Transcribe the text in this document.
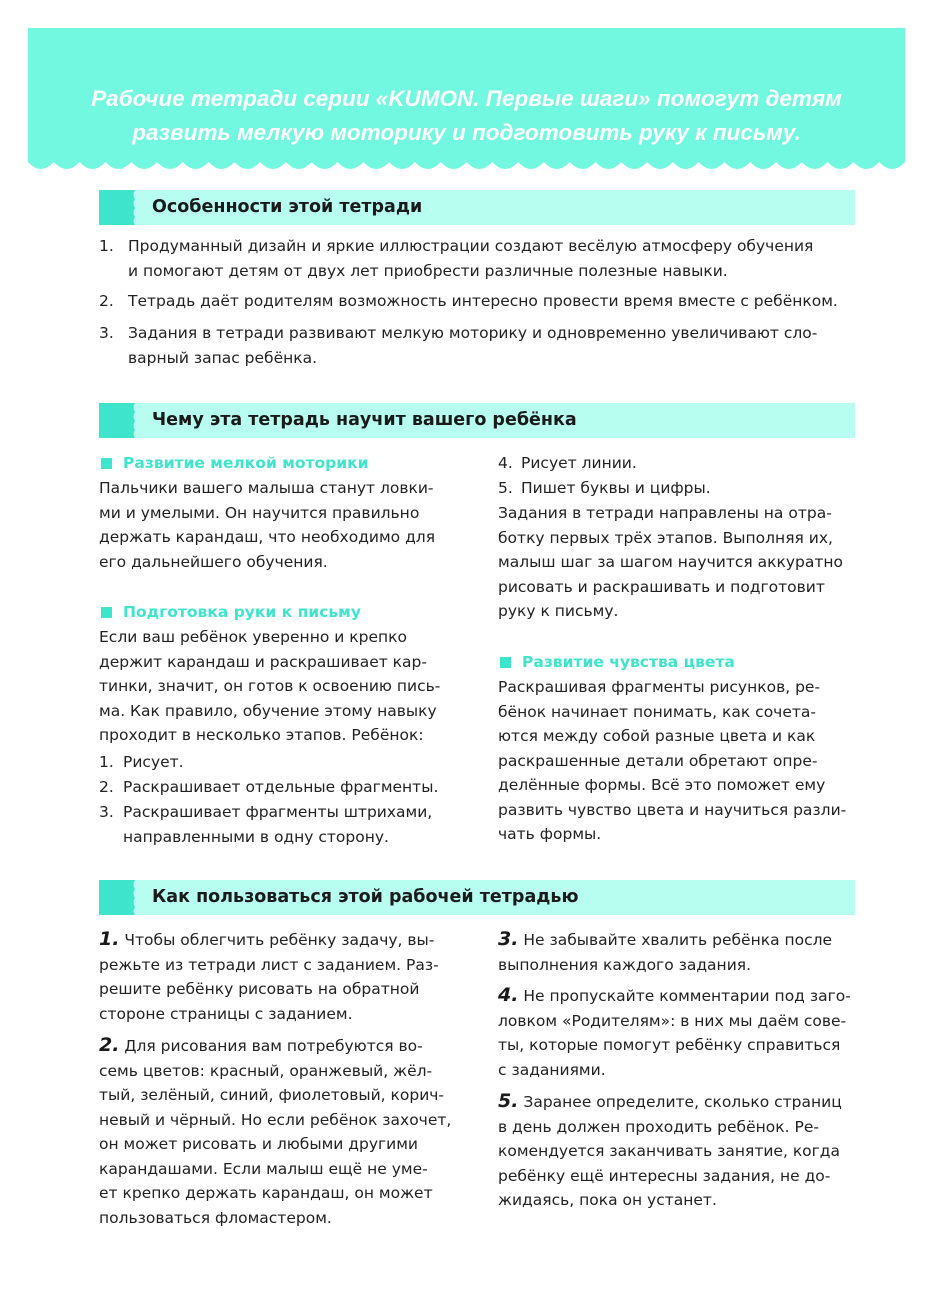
Рабочие тетради серии «KUMON. Первые шаги» помогут детям
развить мелкую моторику и подготовить руку к письму.
Особенности этой тетради
1. Продуманный дизайн и яркие иллюстрации создают весёлую атмосферу обучения
и помогают детям от двух лет приобрести различные полезные навыки.
2. Тетрадь даёт родителям возможность интересно провести время вместе с ребёнком.
3. Задания в тетради развивают мелкую моторику и одновременно увеличивают сло-
варный запас ребёнка.
Чему эта тетрадь научит вашего ребёнка
Развитие мелкой моторики
Пальчики вашего малыша станут ловки-
ми и умелыми. Он научится правильно
держать карандаш, что необходимо для
его дальнейшего обучения.
Подготовка руки к письму
Если ваш ребёнок уверенно и крепко
держит карандаш и раскрашивает кар-
тинки, значит, он готов к освоению пись-
ма. Как правило, обучение этому навыку
проходит в несколько этапов. Ребёнок:
1. Рисует.
2. Раскрашивает отдельные фрагменты.
3. Раскрашивает фрагменты штрихами,
направленными в одну сторону.
4. Рисует линии.
5. Пишет буквы и цифры.
Задания в тетради направлены на отра-
ботку первых трёх этапов. Выполняя их,
малыш шаг за шагом научится аккуратно
рисовать и раскрашивать и подготовит
руку к письму.
Развитие чувства цвета
Раскрашивая фрагменты рисунков, ре-
бёнок начинает понимать, как сочета-
ются между собой разные цвета и как
раскрашенные детали обретают опре-
делённые формы. Всё это поможет ему
развить чувство цвета и научиться разли-
чать формы.
Как пользоваться этой рабочей тетрадью
1. Чтобы облегчить ребёнку задачу, вы-
режьте из тетради лист с заданием. Раз-
решите ребёнку рисовать на обратной
стороне страницы с заданием.
2. Для рисования вам потребуются во-
семь цветов: красный, оранжевый, жёл-
тый, зелёный, синий, фиолетовый, корич-
невый и чёрный. Но если ребёнок захочет,
он может рисовать и любыми другими
карандашами. Если малыш ещё не уме-
ет крепко держать карандаш, он может
пользоваться фломастером.
3. Не забывайте хвалить ребёнка после
выполнения каждого задания.
4. Не пропускайте комментарии под заго-
ловком «Родителям»: в них мы даём сове-
ты, которые помогут ребёнку справиться
с заданиями.
5. Заранее определите, сколько страниц
в день должен проходить ребёнок. Ре-
комендуется заканчивать занятие, когда
ребёнку ещё интересны задания, не до-
жидаясь, пока он устанет.
